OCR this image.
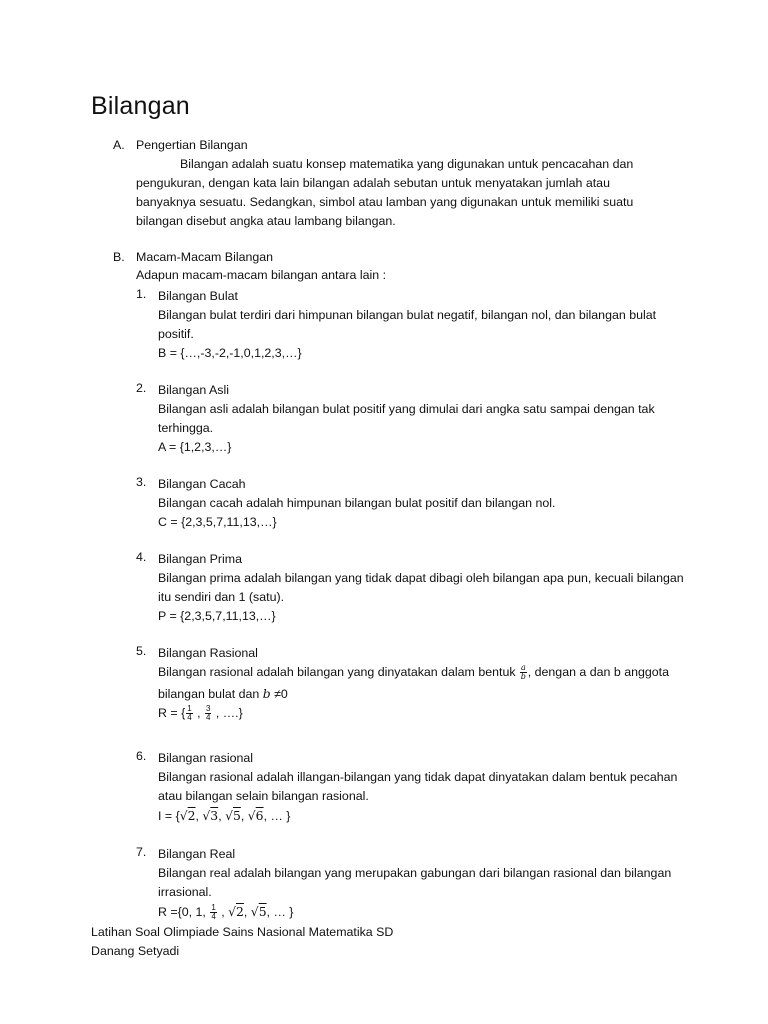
Bilangan
A. Pengertian Bilangan
Bilangan adalah suatu konsep matematika yang digunakan untuk pencacahan dan pengukuran, dengan kata lain bilangan adalah sebutan untuk menyatakan jumlah atau banyaknya sesuatu. Sedangkan, simbol atau lamban yang digunakan untuk memiliki suatu bilangan disebut angka atau lambang bilangan.
B. Macam-Macam Bilangan
Adapun macam-macam bilangan antara lain :
1. Bilangan Bulat
Bilangan bulat terdiri dari himpunan bilangan bulat negatif, bilangan nol, dan bilangan bulat positif.
B = {…,-3,-2,-1,0,1,2,3,…}
2. Bilangan Asli
Bilangan asli adalah bilangan bulat positif yang dimulai dari angka satu sampai dengan tak terhingga.
A = {1,2,3,…}
3. Bilangan Cacah
Bilangan cacah adalah himpunan bilangan bulat positif dan bilangan nol.
C = {2,3,5,7,11,13,…}
4. Bilangan Prima
Bilangan prima adalah bilangan yang tidak dapat dibagi oleh bilangan apa pun, kecuali bilangan itu sendiri dan 1 (satu).
P = {2,3,5,7,11,13,…}
5. Bilangan Rasional
Bilangan rasional adalah bilangan yang dinyatakan dalam bentuk $\frac{a}{b}$ , dengan a dan b anggota
bilangan bulat dan b ≠0
R = { $\frac{1}{4}$ , $\frac{3}{4}$ , ….}
6. Bilangan rasional
Bilangan rasional adalah illangan-bilangan yang tidak dapat dinyatakan dalam bentuk pecahan atau bilangan selain bilangan rasional.
I = {√2, √3, √5, √6, … }
7. Bilangan Real
Bilangan real adalah bilangan yang merupakan gabungan dari bilangan rasional dan bilangan irrasional.
R ={0, 1, $\frac{1}{4}$ , √2, √5, … }
Latihan Soal Olimpiade Sains Nasional Matematika SD
Danang Setyadi
